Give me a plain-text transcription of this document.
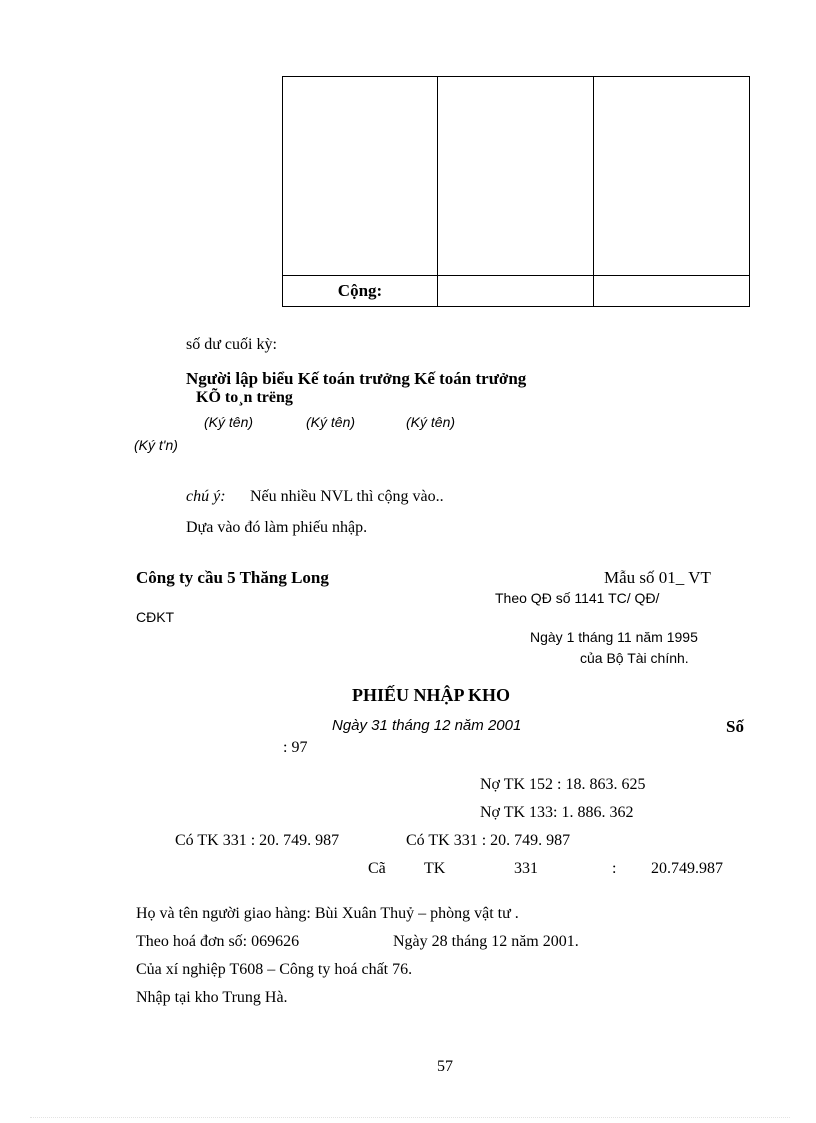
Cộng:		
số dư cuối kỳ:
Người lập biểu Kế toán trưởng Kế toán trưởng
KÕ to¸n trëng
(Ký tên)	(Ký tên)	(Ký tên)
(Ký t'n)
chú ý: Nếu nhiều NVL thì cộng vào..
Dựa vào đó làm phiếu nhập.
Công ty cầu 5 Thăng Long	Mẫu số 01_ VT
Theo QĐ số 1141 TC/ QĐ/
CĐKT
Ngày 1 tháng 11 năm 1995
của Bộ Tài chính.
PHIẾU NHẬP KHO
Ngày 31 tháng 12 năm 2001	Số
: 97
Nợ TK 152 : 18. 863. 625
Nợ TK 133: 1. 886. 362
Có TK 331 : 20. 749. 987	Có TK 331 : 20. 749. 987
Cã TK	331	: 20.749.987
Họ và tên người giao hàng: Bùi Xuân Thuỷ – phòng vật tư .
Theo hoá đơn số: 069626	Ngày 28 tháng 12 năm 2001.
Của xí nghiệp T608 – Công ty hoá chất 76.
Nhập tại kho Trung Hà.
57
